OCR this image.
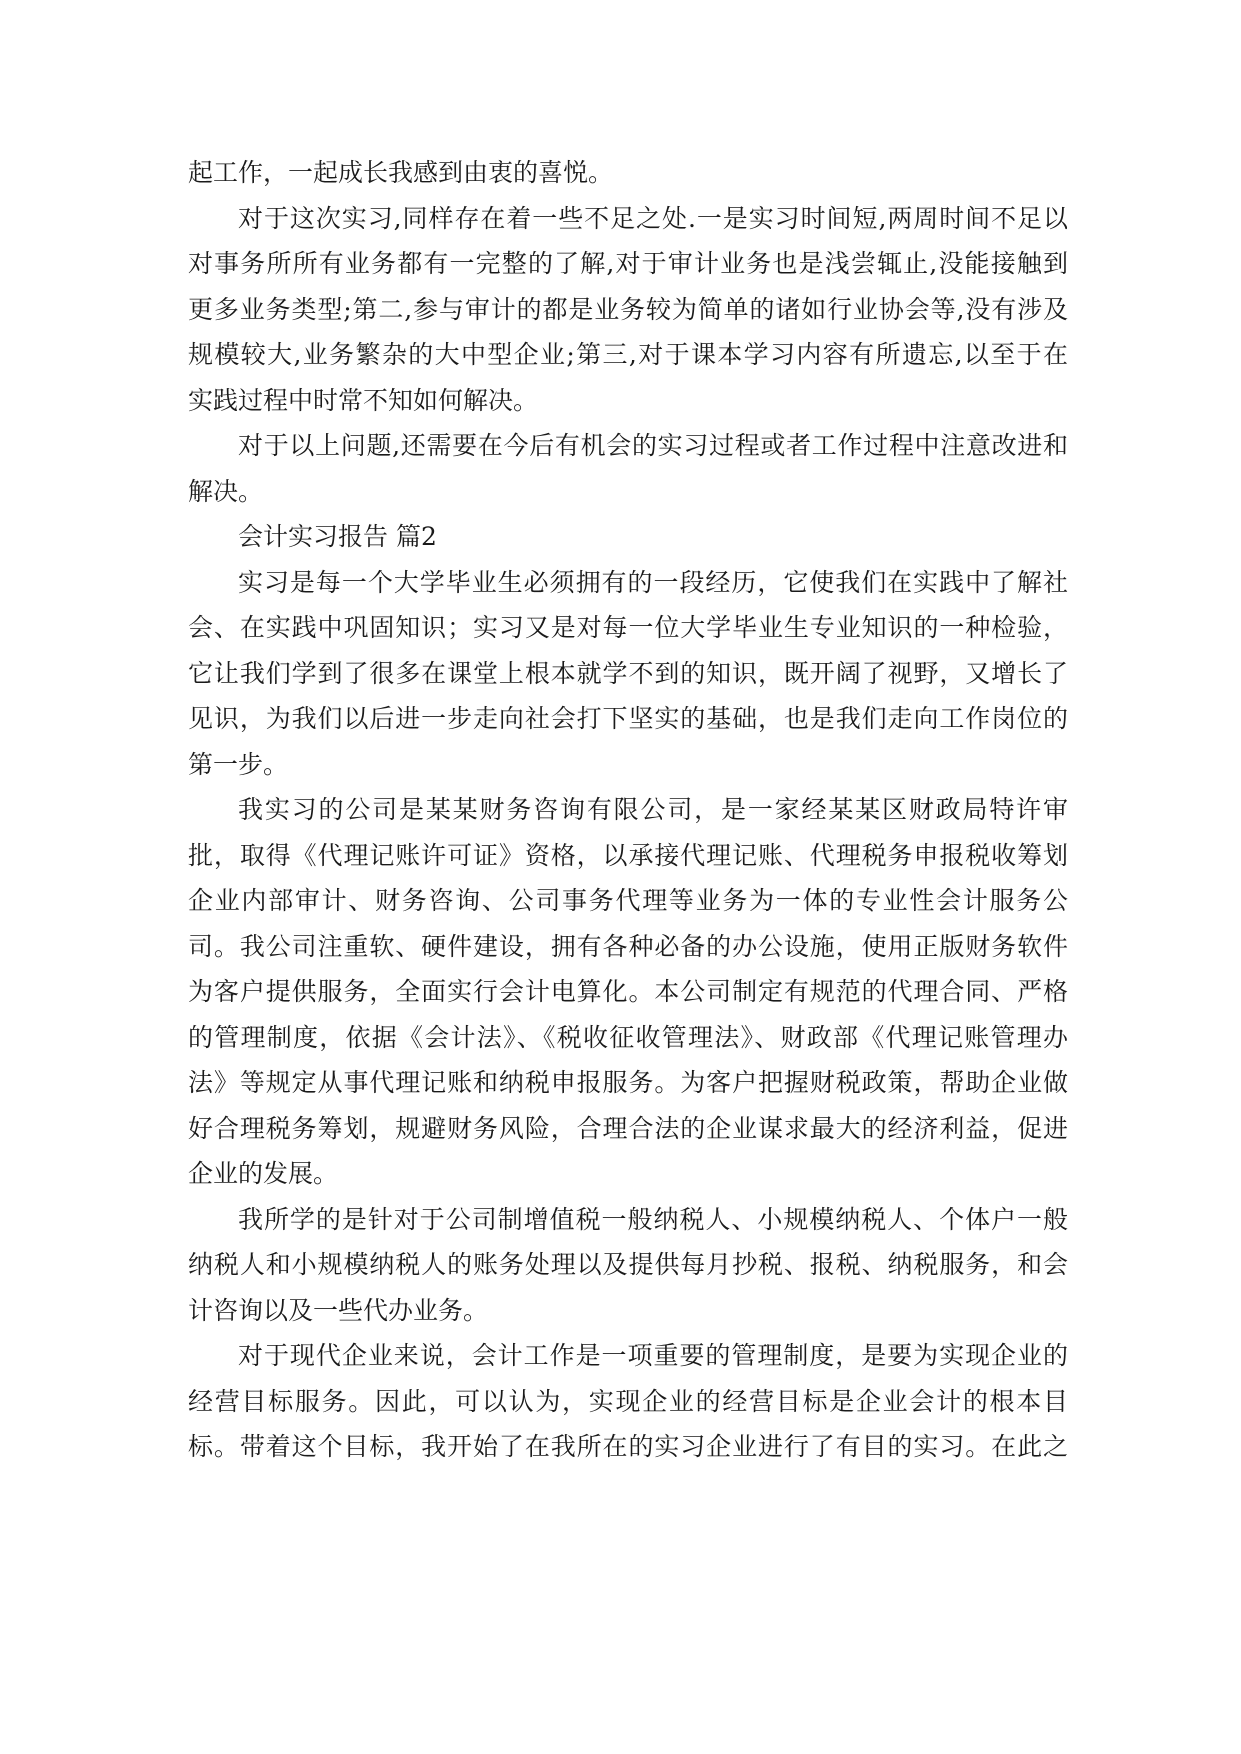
起工作，一起成长我感到由衷的喜悦。
对于这次实习,同样存在着一些不足之处.一是实习时间短,两周时间不足以
对事务所所有业务都有一完整的了解,对于审计业务也是浅尝辄止,没能接触到
更多业务类型;第二,参与审计的都是业务较为简单的诸如行业协会等,没有涉及
规模较大,业务繁杂的大中型企业;第三,对于课本学习内容有所遗忘,以至于在
实践过程中时常不知如何解决。
对于以上问题,还需要在今后有机会的实习过程或者工作过程中注意改进和
解决。
会计实习报告 篇2
实习是每一个大学毕业生必须拥有的一段经历，它使我们在实践中了解社
会、在实践中巩固知识；实习又是对每一位大学毕业生专业知识的一种检验，
它让我们学到了很多在课堂上根本就学不到的知识，既开阔了视野，又增长了
见识，为我们以后进一步走向社会打下坚实的基础，也是我们走向工作岗位的
第一步。
我实习的公司是某某财务咨询有限公司，是一家经某某区财政局特许审
批，取得《代理记账许可证》资格，以承接代理记账、代理税务申报税收筹划
企业内部审计、财务咨询、公司事务代理等业务为一体的专业性会计服务公
司。我公司注重软、硬件建设，拥有各种必备的办公设施，使用正版财务软件
为客户提供服务，全面实行会计电算化。本公司制定有规范的代理合同、严格
的管理制度，依据《会计法》、《税收征收管理法》、财政部《代理记账管理办
法》等规定从事代理记账和纳税申报服务。为客户把握财税政策，帮助企业做
好合理税务筹划，规避财务风险，合理合法的企业谋求最大的经济利益，促进
企业的发展。
我所学的是针对于公司制增值税一般纳税人、小规模纳税人、个体户一般
纳税人和小规模纳税人的账务处理以及提供每月抄税、报税、纳税服务，和会
计咨询以及一些代办业务。
对于现代企业来说，会计工作是一项重要的管理制度，是要为实现企业的
经营目标服务。因此，可以认为，实现企业的经营目标是企业会计的根本目
标。带着这个目标，我开始了在我所在的实习企业进行了有目的实习。在此之
